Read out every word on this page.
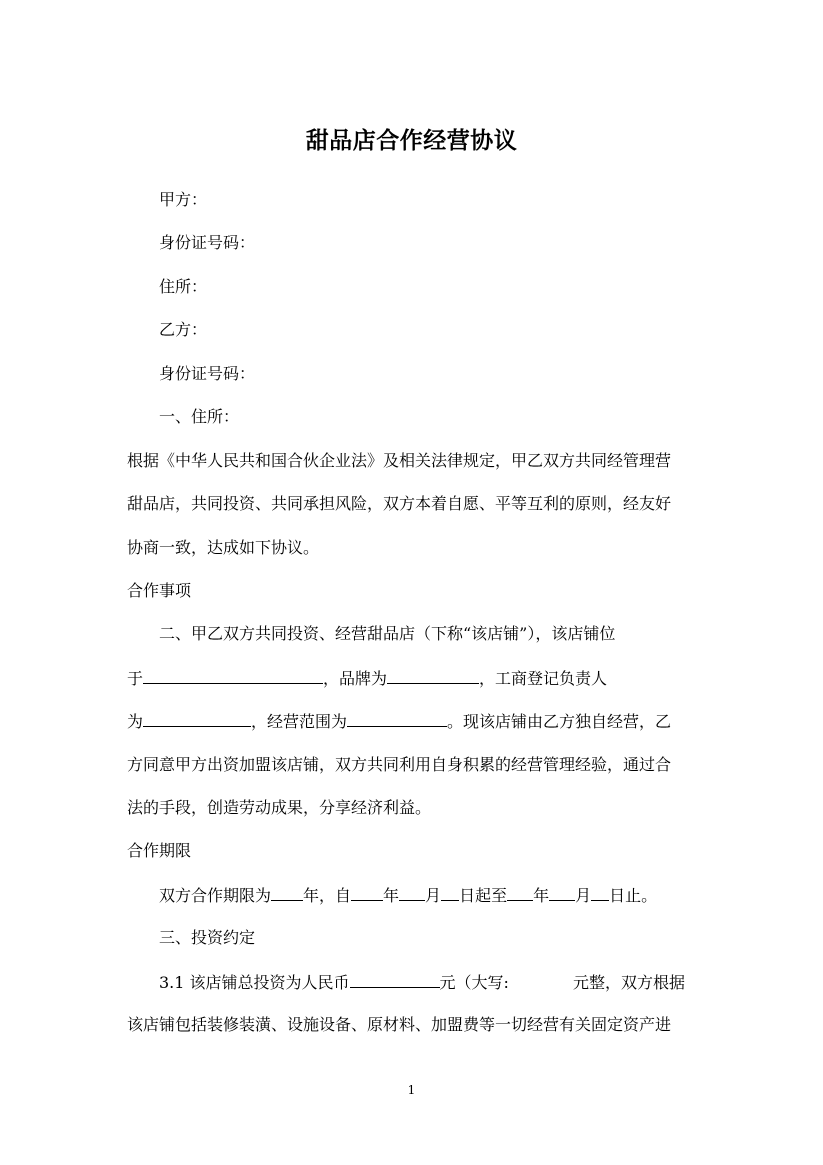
甜品店合作经营协议
甲方：
身份证号码：
住所：
乙方：
身份证号码：
一、住所：
根据《中华人民共和国合伙企业法》及相关法律规定，甲乙双方共同经管理营
甜品店，共同投资、共同承担风险，双方本着自愿、平等互利的原则，经友好
协商一致，达成如下协议。
合作事项
二、甲乙双方共同投资、经营甜品店（下称“该店铺”），该店铺位
于	，品牌为	，工商登记负责人
为	，经营范围为	。现该店铺由乙方独自经营，乙
方同意甲方出资加盟该店铺，双方共同利用自身积累的经营管理经验，通过合
法的手段，创造劳动成果，分享经济利益。
合作期限
双方合作期限为 年，自 年 月 日起至 年 月 日止。
三、投资约定
3.1 该店铺总投资为人民币	元（大写:	元整，双方根据
该店铺包括装修装潢、设施设备、原材料、加盟费等一切经营有关固定资产进
1
